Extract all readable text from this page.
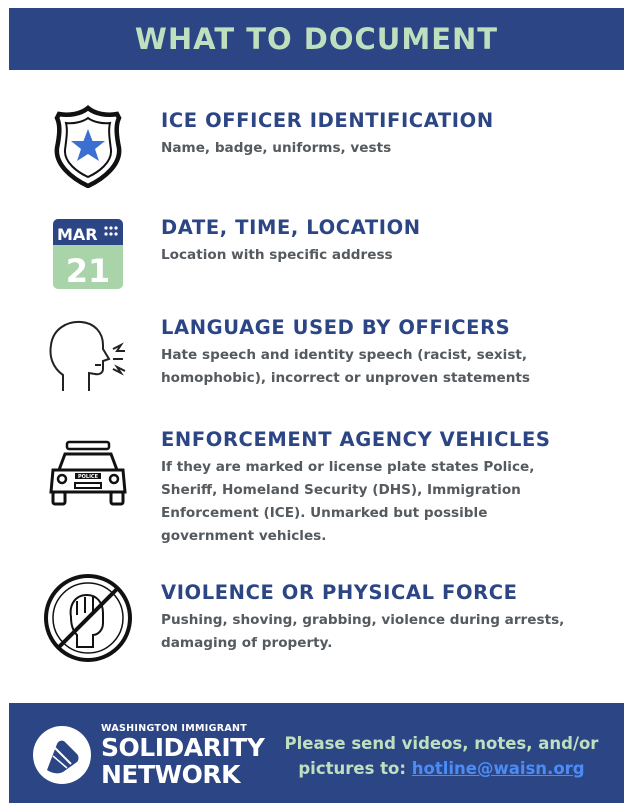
WHAT TO DOCUMENT
ICE OFFICER IDENTIFICATION

Name, badge, uniforms, vests

MAR
21
DATE, TIME, LOCATION

Location with specific address

LANGUAGE USED BY OFFICERS

Hate speech and identity speech (racist, sexist, homophobic), incorrect or unproven statements

POLICE
ENFORCEMENT AGENCY VEHICLES

If they are marked or license plate states Police, Sheriff, Homeland Security (DHS), Immigration Enforcement (ICE). Unmarked but possible government vehicles.

VIOLENCE OR PHYSICAL FORCE

Pushing, shoving, grabbing, violence during arrests, damaging of property.

WASHINGTON IMMIGRANT
SOLIDARITY
NETWORK
Please send videos, notes, and/or pictures to: hotline@waisn.org
